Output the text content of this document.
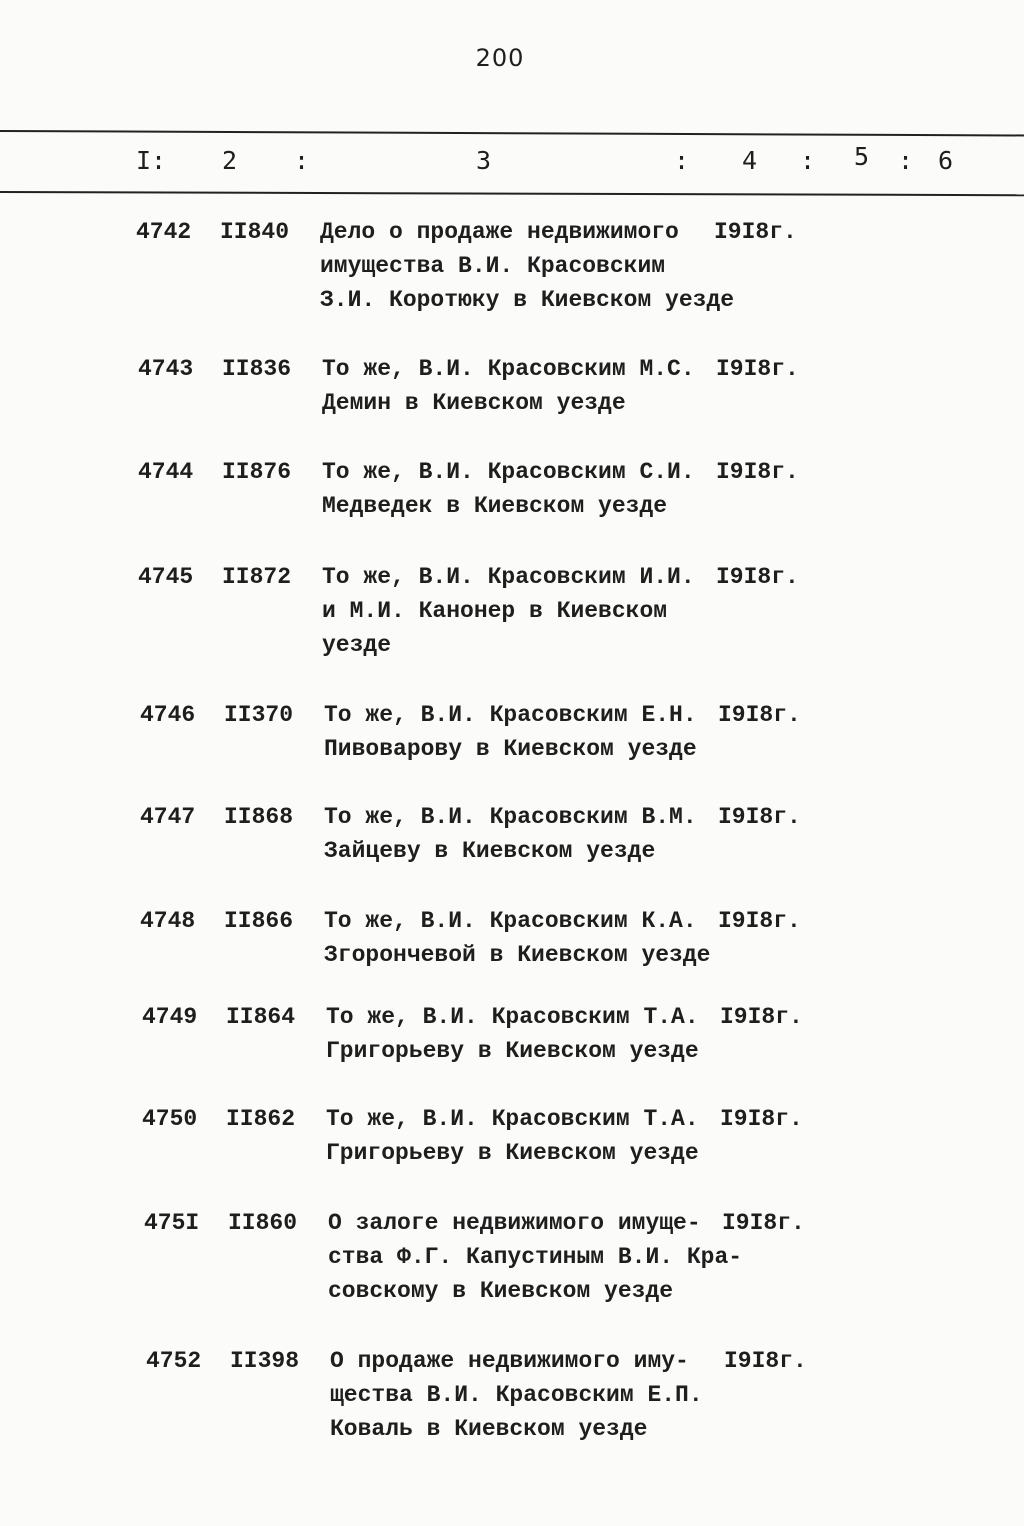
200
I: 2 :	3	: 4 : 5 : 6
4742 II840 Дело о продаже недвижимого
имущества В.И. Красовским
З.И. Коротюку в Киевском уезде
I9I8г.
4743 II836 То же, В.И. Красовским М.С.
Демин в Киевском уезде
I9I8г.
4744 II876 То же, В.И. Красовским С.И.
Медведек в Киевском уезде
I9I8г.
4745 II872 То же, В.И. Красовским И.И.
и М.И. Канонер в Киевском
уезде
I9I8г.
4746 II370 То же, В.И. Красовским Е.Н.
Пивоварову в Киевском уезде
I9I8г.
4747 II868 То же, В.И. Красовским В.М.
Зайцеву в Киевском уезде
I9I8г.
4748 II866 То же, В.И. Красовским К.А.
Згорончевой в Киевском уезде
I9I8г.
4749 II864 То же, В.И. Красовским Т.А.
Григорьеву в Киевском уезде
I9I8г.
4750 II862 То же, В.И. Красовским Т.А.
Григорьеву в Киевском уезде
I9I8г.
475I II860 О залоге недвижимого имуще-
ства Ф.Г. Капустиным В.И. Кра-
совскому в Киевском уезде
I9I8г.
4752 II398 О продаже недвижимого иму-
щества В.И. Красовским Е.П.
Коваль в Киевском уезде
I9I8г.
